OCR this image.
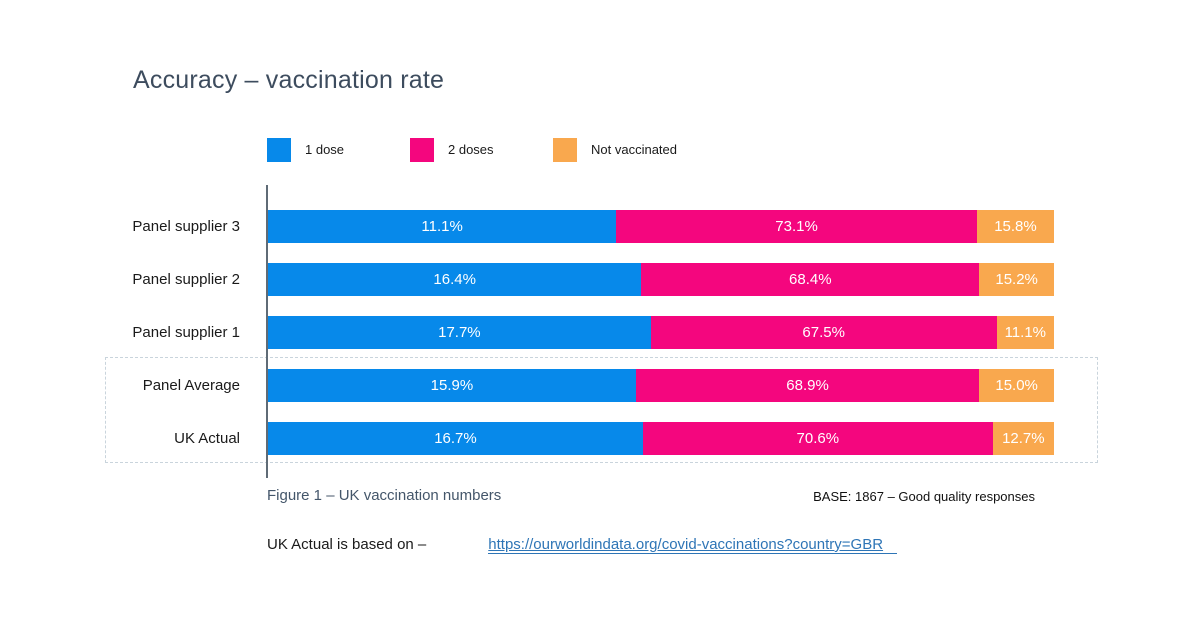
Accuracy – vaccination rate
1 dose	2 doses	Not vaccinated
Panel supplier 3	11.1%	73.1%	15.8%
Panel supplier 2	16.4%	68.4%	15.2%
Panel supplier 1	17.7%	67.5%	11.1%
Panel Average	15.9%	68.9%	15.0%
UK Actual	16.7%	70.6%	12.7%
Figure 1 – UK vaccination numbers	BASE: 1867 – Good quality responses
UK Actual is based on –	https://ourworldindata.org/covid-vaccinations?country=GBR
